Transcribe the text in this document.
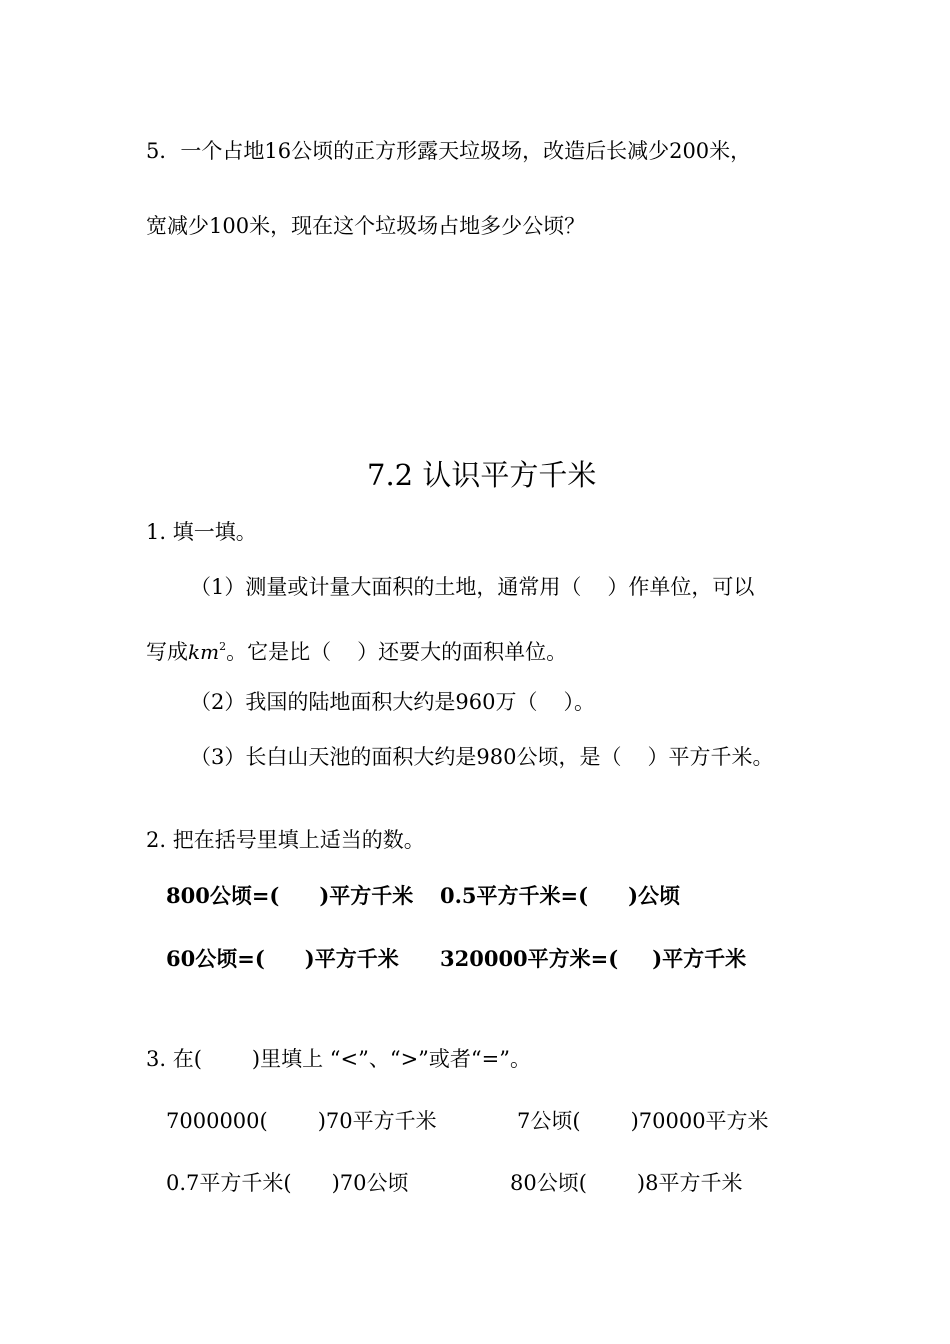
5．一个占地16公顷的正方形露天垃圾场，改造后长减少200米，
宽减少100米，现在这个垃圾场占地多少公顷？
7.2 认识平方千米
1. 填一填。
（1）测量或计量大面积的土地，通常用（ ）作单位，可以
写成$km^2$。它是比（ ）还要大的面积单位。
（2）我国的陆地面积大约是960万（ ）。
（3）长白山天池的面积大约是980公顷，是（ ）平方千米。
2. 把在括号里填上适当的数。
800公顷=( )平方千米 0.5平方千米=( )公顷
60公顷=( )平方千米 320000平方米=( )平方千米
3. 在( )里填上 “<”、“>”或者“=”。
7000000( )70平方千米	7公顷( )70000平方米
0.7平方千米( )70公顷	80公顷( )8平方千米
